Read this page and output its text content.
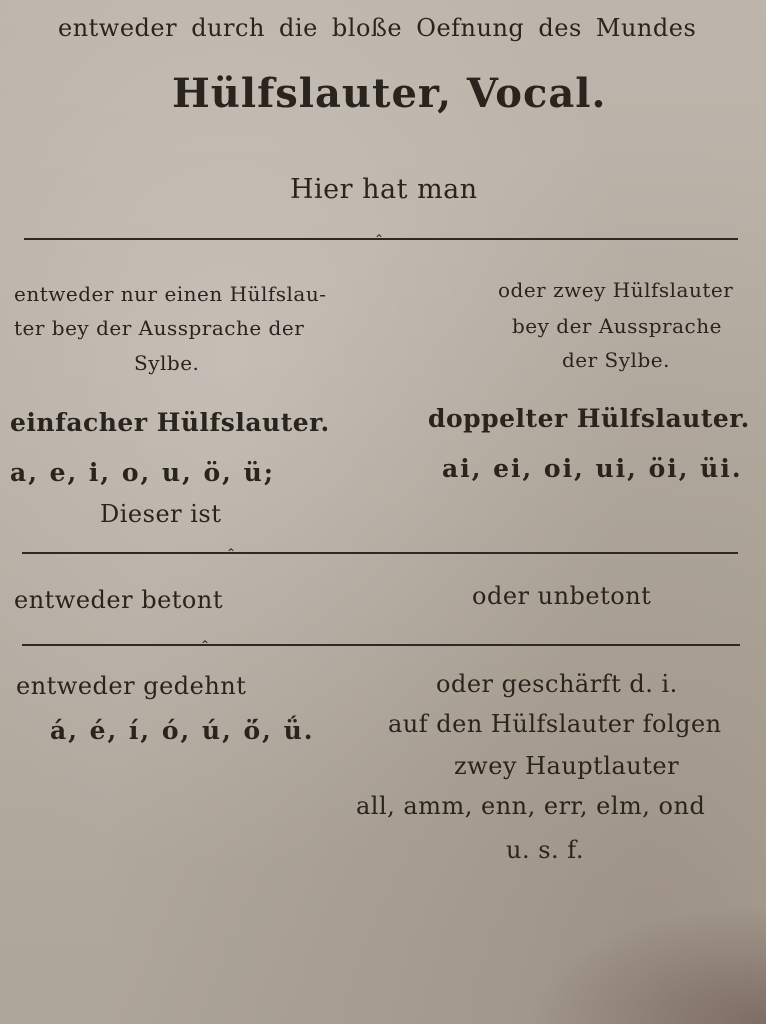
entweder durch die bloße Oefnung des Mundes
Hülfslauter, Vocal.
Hier hat man
⌃
entweder nur einen Hülfslau-
ter bey der Aussprache der
Sylbe.
oder zwey Hülfslauter
bey der Aussprache
der Sylbe.
einfacher Hülfslauter.	doppelter Hülfslauter.
a, e, i, o, u, ö, ü;	ai, ei, oi, ui, öi, üi.
Dieser ist
⌃
entweder betont	oder unbetont
⌃
entweder gedehnt
á, é, í, ó, ú, ö́, ǘ.
oder geschärft d. i.
auf den Hülfslauter folgen
zwey Hauptlauter
all, amm, enn, err, elm, ond
u. s. f.
